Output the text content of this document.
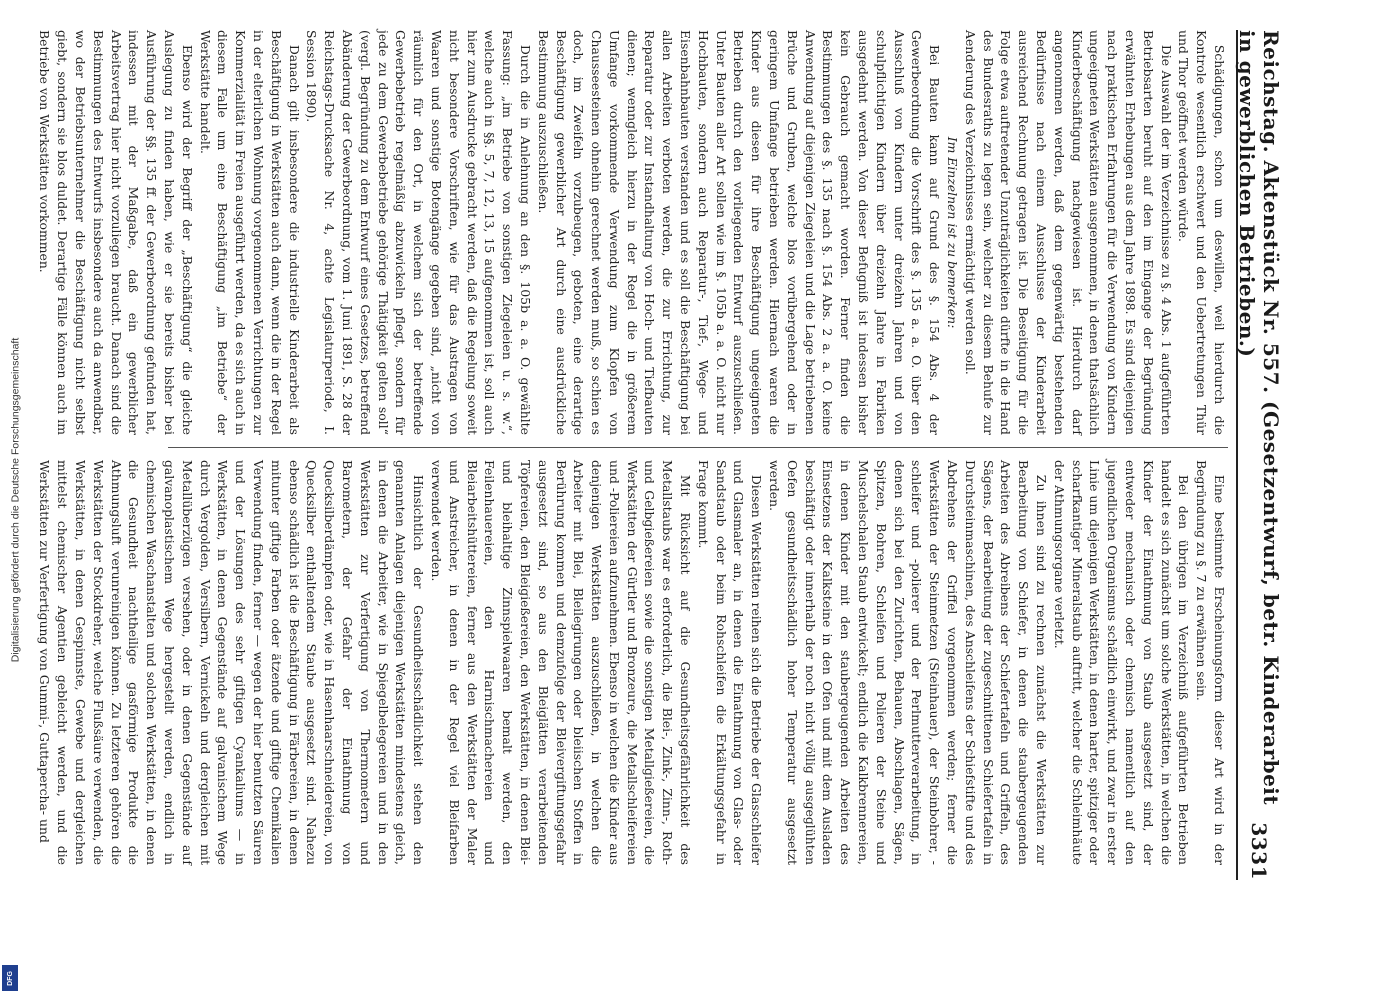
Digitalisierung gefördert durch die Deutsche Forschungsgemeinschaft
DFG
Reichstag. Aktenstück Nr. 557. (Gesetzentwurf, betr. Kinderarbeit in gewerblichen Betrieben.)
3331

Schädigungen, schon um deswillen, weil hierdurch die Kontrole wesentlich erschwert und den Uebertretungen Thür und Thor geöffnet werden würde.

Die Auswahl der im Verzeichnisse zu §. 4 Abs. 1 aufgeführten Betriebsarten beruht auf den im Eingange der Begründung erwähnten Erhebungen aus dem Jahre 1898. Es sind diejenigen nach praktischen Erfahrungen für die Verwendung von Kindern ungeeigneten Werkstätten ausgenommen, in denen thatsächlich Kinderbeschäftigung nachgewiesen ist. Hierdurch darf angenommen werden, daß dem gegenwärtig bestehenden Bedürfnisse nach einem Ausschlusse der Kinderarbeit ausreichend Rechnung getragen ist. Die Beseitigung für die Folge etwa auftretender Unzuträglichkeiten dürfte in die Hand des Bundesraths zu legen sein, welcher zu diesem Behufe zur Aenderung des Verzeichnisses ermächtigt werden soll.

Im Einzelnen ist zu bemerken:

Bei Bauten kann auf Grund des §. 154 Abs. 4 der Gewerbeordnung die Vorschrift des §. 135 a. a. O. über den Ausschluß von Kindern unter dreizehn Jahren und von schulpflichtigen Kindern über dreizehn Jahre in Fabriken ausgedehnt werden. Von dieser Befugniß ist indessen bisher kein Gebrauch gemacht worden. Ferner finden die Bestimmungen des §. 135 nach §. 154 Abs. 2 a. a. O. keine Anwendung auf diejenigen Ziegeleien und die Lage betriebenen Brüche und Gruben, welche blos vorübergehend oder in geringem Umfange betrieben werden. Hiernach waren die Kinder aus diesen für ihre Beschäftigung ungeeigneten Betrieben durch den vorliegenden Entwurf auszuschließen. Unter Bauten aller Art sollen wie im §. 105b a. a. O. nicht nur Hochbauten, sondern auch Reparatur-, Tief-, Wege- und Eisenbahnbauten verstanden und es soll die Beschäftigung bei allen Arbeiten verboten werden, die zur Errichtung, zur Reparatur oder zur Instandhaltung von Hoch- und Tiefbauten dienen; wenngleich hierzu in der Regel die in größerem Umfange vorkommende Verwendung zum Klopfen von Chausseesteinen ohnehin gerechnet werden muß, so schien es doch, im Zweifeln vorzubeugen, geboten, eine derartige Beschäftigung gewerblicher Art durch eine ausdrückliche Bestimmung auszuschließen.

Durch die in Anlehnung an den §. 105b a. a. O. gewählte Fassung: „im Betriebe von sonstigen Ziegeleien u. s. w.“, welche auch in §§. 5, 7, 12, 13, 15 aufgenommen ist, soll auch hier zum Ausdrucke gebracht werden, daß die Regelung soweit nicht besondere Vorschriften, wie für das Austragen von Waaren und sonstige Botengänge gegeben sind, „nicht von räumlich für den Ort, in welchem sich der betreffende Gewerbebetrieb regelmäßig abzuwickeln pflegt, sondern für jede zu dem Gewerbebetriebe gehörige Thätigkeit gelten soll“ (vergl. Begründung zu dem Entwurf eines Gesetzes, betreffend Abänderung der Gewerbeordnung, vom 1. Juni 1891, S. 28 der Reichstags-Drucksache Nr. 4, achte Legislaturperiode, I. Session 1890).

Danach gilt insbesondere die industrielle Kinderarbeit als Beschäftigung in Werkstätten auch dann, wenn die in der Regel in der elterlichen Wohnung vorgenommenen Verrichtungen zur Kommerzialität im Freien ausgeführt werden, da es sich auch in diesem Falle um eine Beschäftigung „im Betriebe“ der Werkstätte handelt.

Ebenso wird der Begriff der „Beschäftigung“ die gleiche Auslegung zu finden haben, wie er sie bereits bisher bei Ausführung der §§. 135 ff. der Gewerbeordnung gefunden hat, indessen mit der Maßgabe, daß ein gewerblicher Arbeitsvertrag hier nicht vorzuliegen braucht. Danach sind die Bestimmungen des Entwurfs insbesondere auch da anwendbar, wo der Betriebsunternehmer die Beschäftigung nicht selbst giebt, sondern sie blos duldet. Derartige Fälle können auch im Betriebe von Werkstätten vorkommen.

Eine bestimmte Erscheinungsform dieser Art wird in der Begründung zu §. 7 zu erwähnen sein.

Bei den übrigen im Verzeichniß aufgeführten Betrieben handelt es sich zunächst um solche Werkstätten, in welchen die Kinder der Einathmung von Staub ausgesetzt sind, der entweder mechanisch oder chemisch namentlich auf den jugendlichen Organismus schädlich einwirkt, und zwar in erster Linie um diejenigen Werkstätten, in denen harter, spitziger oder scharfkantiger Mineralstaub auftritt, welcher die Schleimhäute der Athmungsorgane verletzt.

Zu ihnen sind zu rechnen zunächst die Werkstätten zur Bearbeitung von Schiefer, in denen die staubergeugenden Arbeiten des Abreibens der Schiefertafeln und Griffeln, des Sägens, der Bearbeitung der zugeschnittenen Schiefertafeln in Durchsteinmaschinen, des Anschleifens der Schiefstifte und des Abdrehens der Griffel vorgenommen werden; ferner die Werkstätten der Steinmetzen (Steinhauer), der Steinbohrer, -schleifer und -polierer und der Perlmutterverarbeitung, in denen sich bei den Zurichten, Behauen, Abschlagen, Sägen, Spitzen, Bohren, Schleifen und Polieren der Steine und Muschelschalen Staub entwickelt; endlich die Kalkbrennereien, in denen Kinder mit den staubergeugenden Arbeiten des Einsetzens der Kalksteine in den Ofen und mit dem Ausladen beschäftigt oder innerhalb der noch nicht völlig ausgeglühten Oefen gesundheitsschädlich hoher Temperatur ausgesetzt werden.

Diesen Werkstätten reihen sich die Betriebe der Glasschleifer und Glasmaler an, in denen die Einathmung von Glas- oder Sandstaub oder beim Rohschleifen die Erkältungsgefahr in Frage kommt.

Mit Rücksicht auf die Gesundheitsgefährlichkeit des Metallstaubs war es erforderlich, die Blei-, Zink-, Zinn-, Roth- und Gelbgießereien sowie die sonstigen Metallgießereien, die Werkstätten der Gürtler und Bronzeure, die Metallschleifereien und -Poliereien aufzunehmen. Ebenso in welchen die Kinder aus denjenigen Werkstätten auszuschließen, in welchen die Arbeiter mit Blei, Bleilegirungen oder bleiischen Stoffen in Berührung kommen und demzufolge der Bleivergiftungsgefahr ausgesetzt sind, so aus den Bleiglätten verarbeitenden Töpfereien, den Bleigießereien, den Werkstätten, in denen Blei- und bleihaltige Zinnspielwaaren bemalt werden, den Feilenhauereien, den Harnischmachereien und Bleiarbeitshüttereien, ferner aus den Werkstätten der Maler und Anstreicher, in denen in der Regel viel Bleifarben verwendet werden.

Hinsichtlich der Gesundheitsschädlichkeit stehen den genannten Anlagen diejenigen Werkstätten mindestens gleich, in denen die Arbeiter, wie in Spiegelbelegereien und in den Werkstätten zur Verfertigung von Thermometern und Barometern, der Gefahr der Einathmung von Quecksilberdämpfen oder, wie in Hasenhaarschneidereien, von Quecksilber enthaltendem Staube ausgesetzt sind. Nahezu ebenso schädlich ist die Beschäftigung in Färbereien, in denen mitunter giftige Farben oder ätzende und giftige Chemikalien Verwendung finden, ferner — wegen der hier benutzten Säuren und der Lösungen des sehr giftigen Cyankaliums — in Werkstätten, in denen Gegenstände auf galvanischem Wege durch Vergolden, Versilbern, Vernickeln und dergleichen mit Metallüberzügen versehen, oder in denen Gegenstände auf galvanoplastischem Wege hergestellt werden, endlich in chemischen Waschanstalten und solchen Werkstätten, in denen die Gesundheit nachtheilige gasförmige Produkte die Athmungsluft verunreinigen können. Zu letzteren gehören die Werkstätten der Stockdreher, welche Flußsäure verwenden, die Werkstätten, in denen Gespinnste, Gewebe und dergleichen mittelst chemischer Agentien gebleicht werden, und die Werkstätten zur Verfertigung von Gummi-, Guttapercha- und
